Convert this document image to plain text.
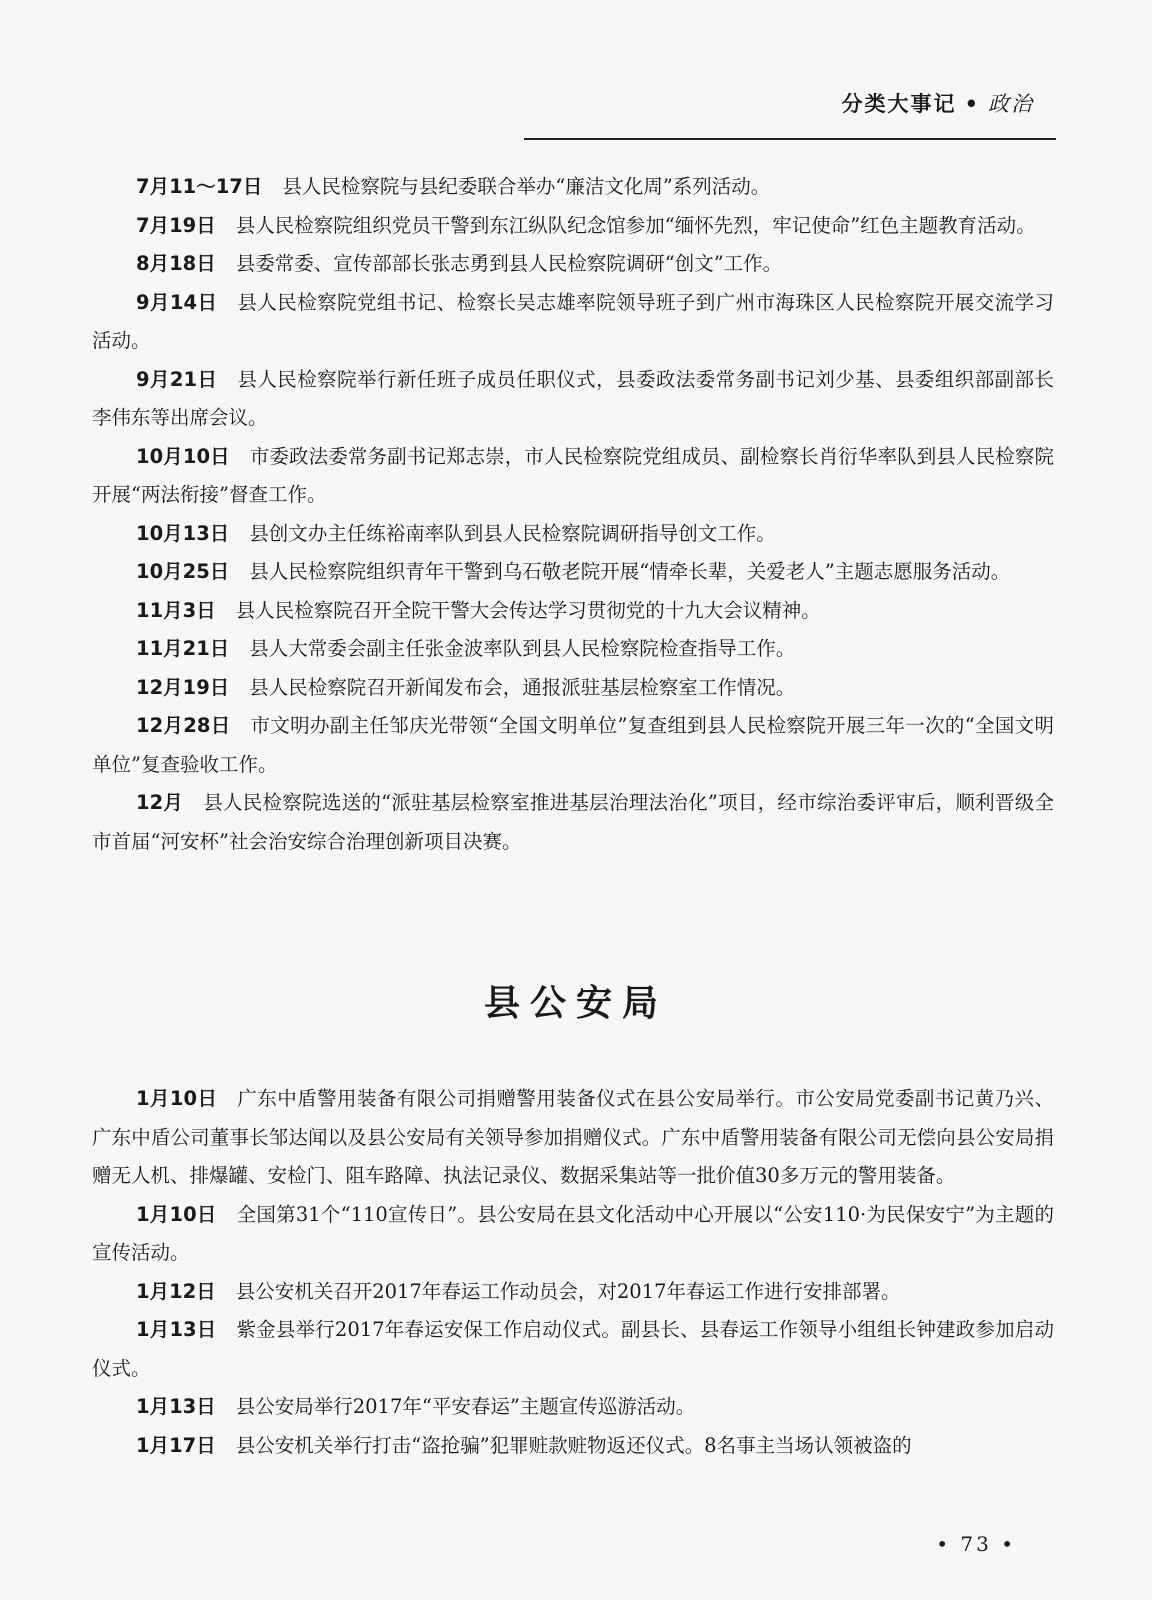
分类大事记 • 政治

7月11～17日 县人民检察院与县纪委联合举办“廉洁文化周”系列活动。

7月19日 县人民检察院组织党员干警到东江纵队纪念馆参加“缅怀先烈，牢记使命”红色主题教育活动。

8月18日 县委常委、宣传部部长张志勇到县人民检察院调研“创文”工作。

9月14日 县人民检察院党组书记、检察长吴志雄率院领导班子到广州市海珠区人民检察院开展交流学习活动。

9月21日 县人民检察院举行新任班子成员任职仪式，县委政法委常务副书记刘少基、县委组织部副部长李伟东等出席会议。

10月10日 市委政法委常务副书记郑志崇，市人民检察院党组成员、副检察长肖衍华率队到县人民检察院开展“两法衔接”督查工作。

10月13日 县创文办主任练裕南率队到县人民检察院调研指导创文工作。

10月25日 县人民检察院组织青年干警到乌石敬老院开展“情牵长辈，关爱老人”主题志愿服务活动。

11月3日 县人民检察院召开全院干警大会传达学习贯彻党的十九大会议精神。

11月21日 县人大常委会副主任张金波率队到县人民检察院检查指导工作。

12月19日 县人民检察院召开新闻发布会，通报派驻基层检察室工作情况。

12月28日 市文明办副主任邹庆光带领“全国文明单位”复查组到县人民检察院开展三年一次的“全国文明单位”复查验收工作。

12月 县人民检察院选送的“派驻基层检察室推进基层治理法治化”项目，经市综治委评审后，顺利晋级全市首届“河安杯”社会治安综合治理创新项目决赛。

县公安局

1月10日 广东中盾警用装备有限公司捐赠警用装备仪式在县公安局举行。市公安局党委副书记黄乃兴、广东中盾公司董事长邹达闻以及县公安局有关领导参加捐赠仪式。广东中盾警用装备有限公司无偿向县公安局捐赠无人机、排爆罐、安检门、阻车路障、执法记录仪、数据采集站等一批价值30多万元的警用装备。

1月10日 全国第31个“110宣传日”。县公安局在县文化活动中心开展以“公安110·为民保安宁”为主题的宣传活动。

1月12日 县公安机关召开2017年春运工作动员会，对2017年春运工作进行安排部署。

1月13日 紫金县举行2017年春运安保工作启动仪式。副县长、县春运工作领导小组组长钟建政参加启动仪式。

1月13日 县公安局举行2017年“平安春运”主题宣传巡游活动。

1月17日 县公安机关举行打击“盗抢骗”犯罪赃款赃物返还仪式。8名事主当场认领被盗的

• 73 •
